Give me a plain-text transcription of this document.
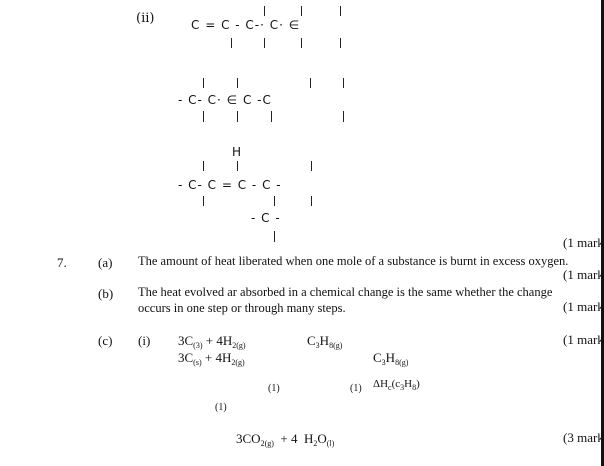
(ii)	C = C - C-· C· ∈
- C- C· ∈ C -C
H
- C- C = C - C -
- C -
(1 mark
7. (a) The amount of heat liberated when one mole of a substance is burnt in excess oxygen.
(1 mark
(b) The heat evolved ar absorbed in a chemical change is the same whether the change
occurs in one step or through many steps.	(1 mark
(c) (i)	(1 mark
$3C_{(3)} + 4H_{2(g)}$	$C_3H_{8(g)}$
$3C_{(s)} + 4H_{2(g)}$	$C_3H_{8(g)}$
(1)	(1) $\Delta H_c(c_3H_8)$
(1)
$3CO_{2(g)} + 4$  $H_2O_{(l)}$	(3 mark
